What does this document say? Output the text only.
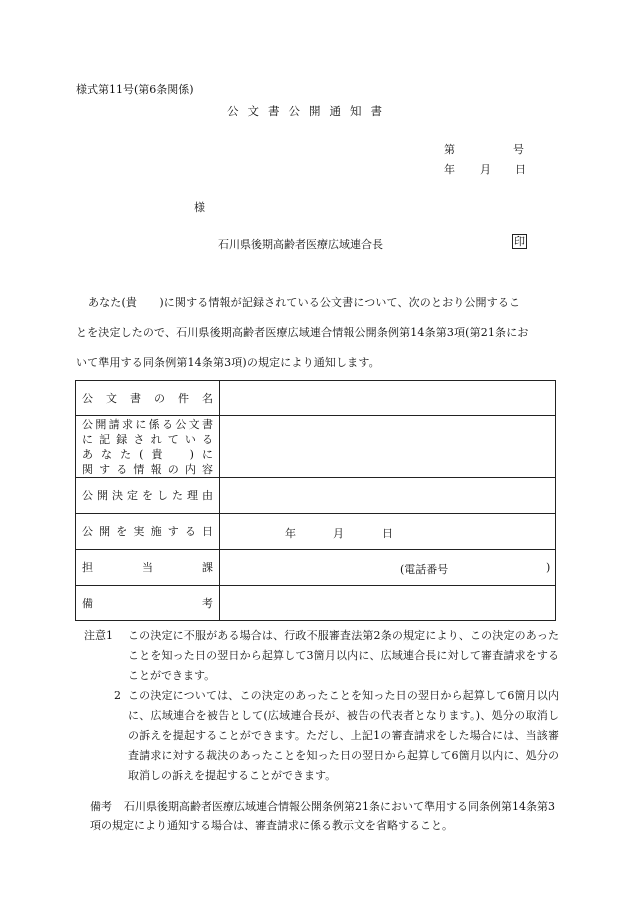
様式第11号(第6条関係)
公文書公開通知書
第	号
年 月 日
様
石川県後期高齢者医療広域連合長	印
あなた(貴　　)に関する情報が記録されている公文書について、次のとおり公開するこ
とを決定したので、石川県後期高齢者医療広域連合情報公開条例第14条第3項(第21条にお
いて準用する同条例第14条第3項)の規定により通知します。
公文書の件名	

公開請求に係る公文書
に記録されている
あなた(貴　)に
関する情報の内容	

公開決定をした理由	

公開を実施する日	年 月 日

担当課	(電話番号 )

備考	

注意1 この決定に不服がある場合は、行政不服審査法第2条の規定により、この決定のあったことを知った日の翌日から起算して3箇月以内に、広域連合長に対して審査請求をすることができます。
2 この決定については、この決定のあったことを知った日の翌日から起算して6箇月以内に、広域連合を被告として(広域連合長が、被告の代表者となります。)、処分の取消しの訴えを提起することができます。ただし、上記1の審査請求をした場合には、当該審査請求に対する裁決のあったことを知った日の翌日から起算して6箇月以内に、処分の取消しの訴えを提起することができます。
備考 石川県後期高齢者医療広域連合情報公開条例第21条において準用する同条例第14条第3項の規定により通知する場合は、審査請求に係る教示文を省略すること。
